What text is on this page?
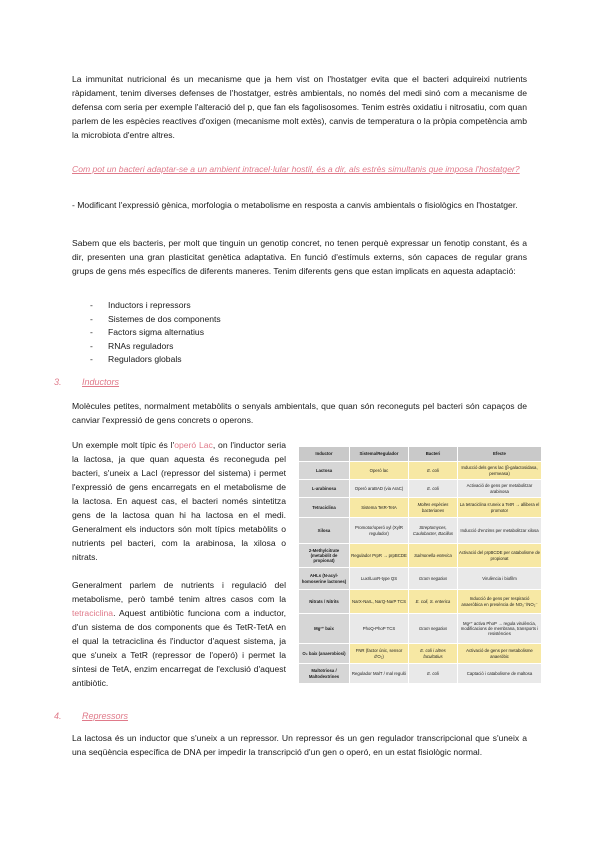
La immunitat nutricional és un mecanisme que ja hem vist on l'hostatger evita que el bacteri adquireixi nutrients ràpidament, tenim diverses defenses de l'hostatger, estrès ambientals, no només del medi sinó com a mecanisme de defensa com seria per exemple l'alteració del p, que fan els fagolisosomes. Tenim estrès oxidatiu i nitrosatiu, com quan parlem de les espècies reactives d'oxigen (mecanisme molt extès), canvis de temperatura o la pròpia competència amb la microbiota d'entre altres.

Com pot un bacteri adaptar-se a un ambient intracel·lular hostil, és a dir, als estrès simultanis que imposa l'hostatger?

- Modificant l'expressió gènica, morfologia o metabolisme en resposta a canvis ambientals o fisiològics en l'hostatger.

Sabem que els bacteris, per molt que tinguin un genotip concret, no tenen perquè expressar un fenotip constant, és a dir, presenten una gran plasticitat genètica adaptativa. En funció d'estímuls externs, són capaces de regular grans grups de gens més específics de diferents maneres. Tenim diferents gens que estan implicats en aquesta adaptació:

- Inductors i repressors
- Sistemes de dos components
- Factors sigma alternatius
- RNAs reguladors
- Reguladors globals
3. Inductors

Molècules petites, normalment metabòlits o senyals ambientals, que quan són reconeguts pel bacteri són capaços de canviar l'expressió de gens concrets o operons.

Un exemple molt típic és l'operó Lac, on l'inductor seria la lactosa, ja que quan aquesta és reconeguda pel bacteri, s'uneix a LacI (repressor del sistema) i permet l'expressió de gens encarregats en el metabolisme de la lactosa. En aquest cas, el bacteri només sintetitza gens de la lactosa quan hi ha lactosa en el medi. Generalment els inductors són molt típics metabòlits o nutrients pel bacteri, com la arabinosa, la xilosa o nitrats.

Generalment parlem de nutrients i regulació del metabolisme, però també tenim altres casos com la tetraciclina. Aquest antibiòtic funciona com a inductor, d'un sistema de dos components que és TetR-TetA en el qual la tetraciclina és l'inductor d'aquest sistema, ja que s'uneix a TetR (repressor de l'operó) i permet la síntesi de TetA, enzim encarregat de l'exclusió d'aquest antibiòtic.

Inductor	Sistema/Regulador	Bacteri	Efecte
Lactosa	Operó lac	E. coli	Inducció dels gens lac (β-galactosidasa, permeasa)
L-arabinosa	Operó araBAD (via AraC)	E. coli	Activació de gens per metabolitzar arabinosa
Tetraciclina	Sistema TetR-TetA	Moltes espècies bacterianes	La tetraciclina s'uneix a TetR → allibera el promotor
Xilosa	Promotor/operó xyl (XylR regulador)	Streptomyces, Caulobacter, Bacillus	Inducció d'enzims per metabolitzar xilosa
2-Methylcitrate (metabòlit de propionat)	Regulador PrpR → prpBCDE	Salmonella enterica	Activació del prpBCDE per catabolisme de propionat
AHLs (N-acyl-homoserine lactones)	LuxI/LuxR-type QS	Gram negatius	Virulència i biofilm
Nitrats / Nitrits	NarX-NarL, NarQ-NarP TCS	E. coli, S. enterica	Inducció de gens per respiració anaeròbica en presència de NO₃⁻/NO₂⁻
Mg²⁺ baix	PhoQ-PhoP TCS	Gram negatius	Mg²⁺ activa PhoP → regula virulència, modificacions de membrana, transports i resistències
O₂ baix (anaerobiosi)	FNR (factor únic, sensor d'O₂)	E. coli i altres facultatius	Activació de gens per metabolisme anaeròbic
Maltotriosa / Maltodextrines	Regulador MalT / mal reguló	E. coli	Captació i catabolisme de maltosa
4. Repressors

La lactosa és un inductor que s'uneix a un repressor. Un repressor és un gen regulador transcripcional que s'uneix a una seqüència específica de DNA per impedir la transcripció d'un gen o operó, en un estat fisiològic normal.
